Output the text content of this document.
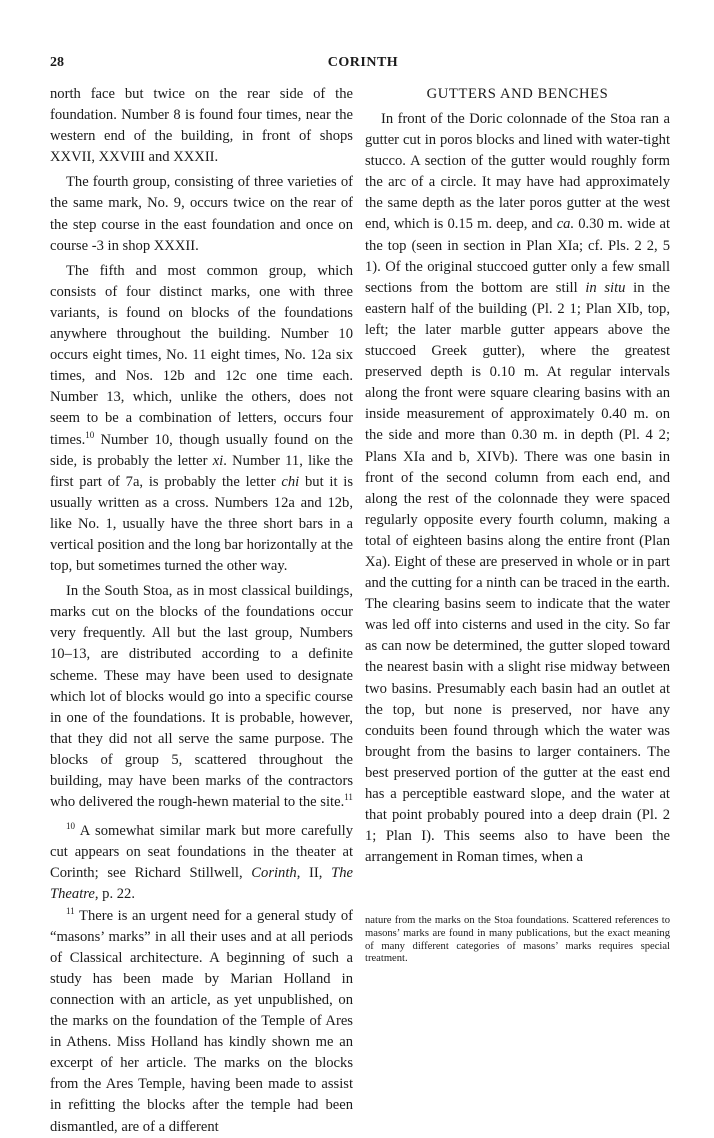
28	CORINTH

north face but twice on the rear side of the foundation. Number 8 is found four times, near the western end of the building, in front of shops XXVII, XXVIII and XXXII.

The fourth group, consisting of three varieties of the same mark, No. 9, occurs twice on the rear of the step course in the east foundation and once on course -3 in shop XXXII.

The fifth and most common group, which consists of four distinct marks, one with three variants, is found on blocks of the foundations anywhere throughout the building. Number 10 occurs eight times, No. 11 eight times, No. 12a six times, and Nos. 12b and 12c one time each. Number 13, which, unlike the others, does not seem to be a combination of letters, occurs four times.$^{10}$ Number 10, though usually found on the side, is probably the letter xi. Number 11, like the first part of 7a, is probably the letter chi but it is usually written as a cross. Numbers 12a and 12b, like No. 1, usually have the three short bars in a vertical position and the long bar horizontally at the top, but sometimes turned the other way.

In the South Stoa, as in most classical buildings, marks cut on the blocks of the foundations occur very frequently. All but the last group, Numbers 10–13, are distributed according to a definite scheme. These may have been used to designate which lot of blocks would go into a specific course in one of the foundations. It is probable, however, that they did not all serve the same purpose. The blocks of group 5, scattered throughout the building, may have been marks of the contractors who delivered the rough-hewn material to the site.$^{11}$

$^{10}$ A somewhat similar mark but more carefully cut appears on seat foundations in the theater at Corinth; see Richard Stillwell, Corinth, II, The Theatre, p. 22.

$^{11}$ There is an urgent need for a general study of “masons’ marks” in all their uses and at all periods of Classical architecture. A beginning of such a study has been made by Marian Holland in connection with an article, as yet unpublished, on the marks on the foundation of the Temple of Ares in Athens. Miss Holland has kindly shown me an excerpt of her article. The marks on the blocks from the Ares Temple, having been made to assist in refitting the blocks after the temple had been dismantled, are of a different

GUTTERS AND BENCHES

In front of the Doric colonnade of the Stoa ran a gutter cut in poros blocks and lined with water-tight stucco. A section of the gutter would roughly form the arc of a circle. It may have had approximately the same depth as the later poros gutter at the west end, which is 0.15 m. deep, and ca. 0.30 m. wide at the top (seen in section in Plan XIa; cf. Pls. 2 2, 5 1). Of the original stuccoed gutter only a few small sections from the bottom are still in situ in the eastern half of the building (Pl. 2 1; Plan XIb, top, left; the later marble gutter appears above the stuccoed Greek gutter), where the greatest preserved depth is 0.10 m. At regular intervals along the front were square clearing basins with an inside measurement of approximately 0.40 m. on the side and more than 0.30 m. in depth (Pl. 4 2; Plans XIa and b, XIVb). There was one basin in front of the second column from each end, and along the rest of the colonnade they were spaced regularly opposite every fourth column, making a total of eighteen basins along the entire front (Plan Xa). Eight of these are preserved in whole or in part and the cutting for a ninth can be traced in the earth. The clearing basins seem to indicate that the water was led off into cisterns and used in the city. So far as can now be determined, the gutter sloped toward the nearest basin with a slight rise midway between two basins. Presumably each basin had an outlet at the top, but none is preserved, nor have any conduits been found through which the water was brought from the basins to larger containers. The best preserved portion of the gutter at the east end has a perceptible eastward slope, and the water at that point probably poured into a deep drain (Pl. 2 1; Plan I). This seems also to have been the arrangement in Roman times, when a

nature from the marks on the Stoa foundations. Scattered references to masons’ marks are found in many publications, but the exact meaning of many different categories of masons’ marks requires special treatment.
